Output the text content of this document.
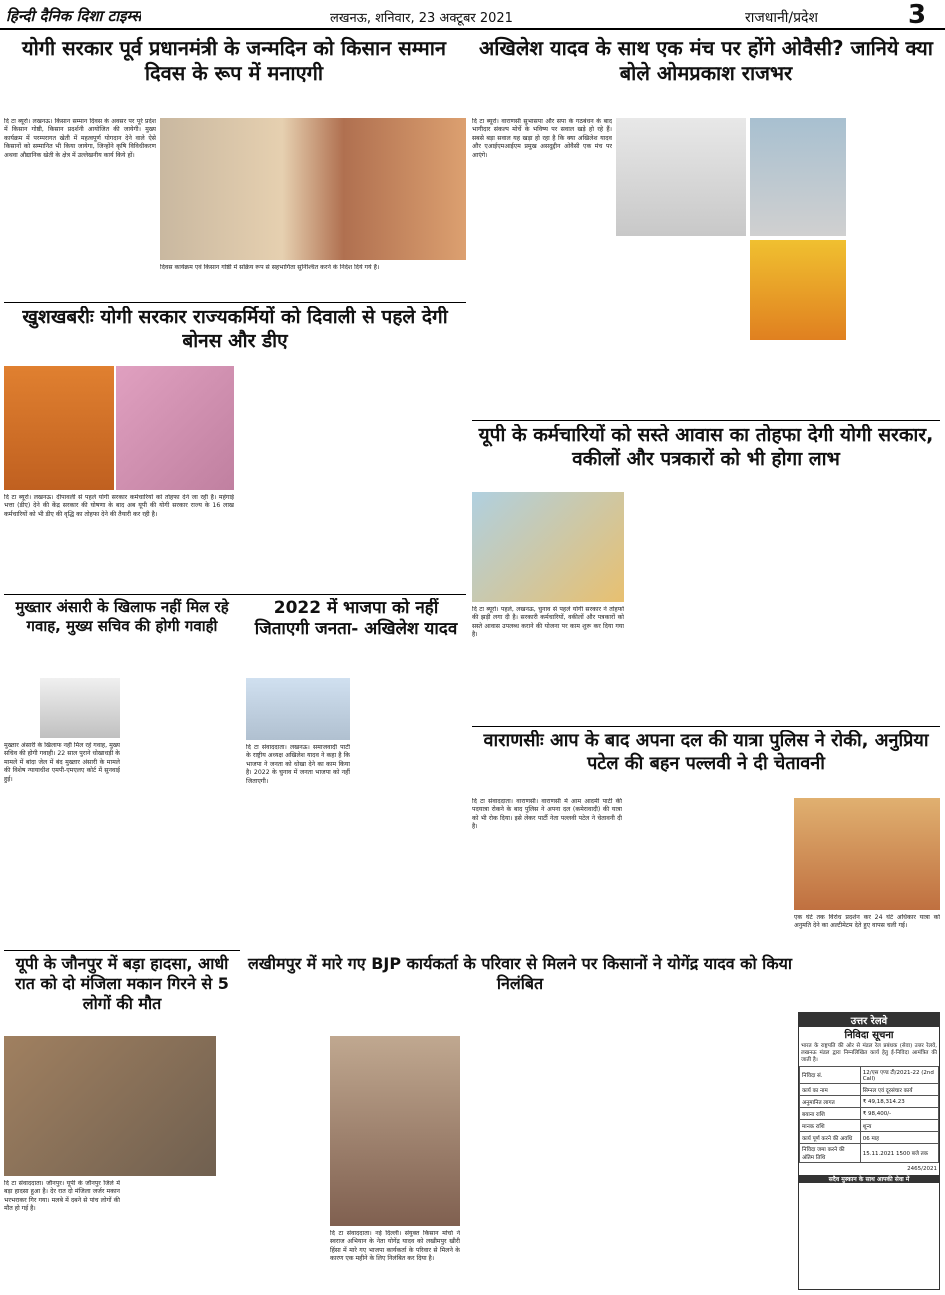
हिन्दी दैनिक दिशा टाइम्स	लखनऊ, शनिवार, 23 अक्टूबर 2021	राजधानी/प्रदेश	3
योगी सरकार पूर्व प्रधानमंत्री के जन्मदिन को किसान सम्मान दिवस के रूप में मनाएगी
दि टा ब्यूरो। लखनऊ। किसान सम्मान दिवस के अवसर पर पूरे प्रदेश में किसान गोष्ठी, किसान प्रदर्शनी आयोजित की जायेगी। मुख्य कार्यक्रम में परम्परागत खेती में महत्वपूर्ण योगदान देने वाले ऐसे किसानों को सम्मानित भी किया जायेगा, जिन्होंने कृषि विविधीकरण अथवा औद्यानिक खेती के क्षेत्र में उल्लेखनीय कार्य किये हों।
दिवस कार्यक्रम एवं किसान गोष्ठी में सक्रिय रूप से सहभागिता सुनिश्चित करने के निर्देश दिये गये हैं।
अखिलेश यादव के साथ एक मंच पर होंगे ओवैसी? जानिये क्या बोले ओमप्रकाश राजभर
दि टा ब्यूरो। वाराणसी सुभासपा और सपा के गठबंधन के बाद भागीदार संकल्प मोर्चे के भविष्य पर सवाल खड़े हो रहे हैं। सबसे बड़ा सवाल यह खड़ा हो रहा है कि क्या अखिलेश यादव और एआईएमआईएम प्रमुख असदुद्दीन ओवैसी एक मंच पर आएंगे।
खुशखबरीः योगी सरकार राज्यकर्मियों को दिवाली से पहले देगी बोनस और डीए
दि टा ब्यूरो। लखनऊ। दीपावली से पहले योगी सरकार कर्मचारियों को तोहफा देने जा रही है। महंगाई भत्ता (डीए) देने की केंद्र सरकार की घोषणा के बाद अब यूपी की योगी सरकार राज्य के 16 लाख कर्मचारियों को भी डीए की वृद्धि का तोहफा देने की तैयारी कर रही है।
यूपी के कर्मचारियों को सस्ते आवास का तोहफा देगी योगी सरकार, वकीलों और पत्रकारों को भी होगा लाभ
दि टा ब्यूरो। पहले, लखनऊ, चुनाव से पहले योगी सरकार ने तोहफों की झड़ी लगा दी है। सरकारी कर्मचारियों, वकीलों और पत्रकारों को सस्ते आवास उपलब्ध कराने की योजना पर काम शुरू कर दिया गया है।
मुख्तार अंसारी के खिलाफ नहीं मिल रहे गवाह, मुख्य सचिव की होगी गवाही
मुख्तार अंसारी के खिलाफ नहीं मिल रहे गवाह, मुख्य सचिव की होगी गवाही। 22 साल पुराने धोखाधड़ी के मामले में बांदा जेल में बंद मुख्तार अंसारी के मामले की विशेष न्यायाधीश एमपी-एमएलए कोर्ट में सुनवाई हुई।
2022 में भाजपा को नहीं जिताएगी जनता- अखिलेश यादव
दि टा संवाददाता। लखनऊ। समाजवादी पार्टी के राष्ट्रीय अध्यक्ष अखिलेश यादव ने कहा है कि भाजपा ने जनता को धोखा देने का काम किया है। 2022 के चुनाव में जनता भाजपा को नहीं जिताएगी।
वाराणसीः आप के बाद अपना दल की यात्रा पुलिस ने रोकी, अनुप्रिया पटेल की बहन पल्लवी ने दी चेतावनी
दि टा संवाददाता। वाराणसी। वाराणसी में आम आदमी पार्टी की पदयात्रा रोकने के बाद पुलिस ने अपना दल (कमेरावादी) की यात्रा को भी रोक दिया। इसे लेकर पार्टी नेता पल्लवी पटेल ने चेतावनी दी है।
एक घंटे तक विरोध प्रदर्शन कर 24 घंटे अधिकार यात्रा को अनुमति देने का अल्टीमेटम देते हुए वापस चली गई।
यूपी के जौनपुर में बड़ा हादसा, आधी रात को दो मंजिला मकान गिरने से 5 लोगों की मौत
दि टा संवाददाता। जौनपुर। यूपी के जौनपुर जिले में बड़ा हादसा हुआ है। देर रात दो मंजिला जर्जर मकान भरभराकर गिर गया। मलबे में दबने से पांच लोगों की मौत हो गई है।
लखीमपुर में मारे गए BJP कार्यकर्ता के परिवार से मिलने पर किसानों ने योगेंद्र यादव को किया निलंबित
दि टा संवाददाता। नई दिल्ली। संयुक्त किसान मोर्चा ने स्वराज अभियान के नेता योगेंद्र यादव को लखीमपुर खीरी हिंसा में मारे गए भाजपा कार्यकर्ता के परिवार से मिलने के कारण एक महीने के लिए निलंबित कर दिया है।
उत्तर रेलवे
निविदा सूचना
भारत के राष्ट्रपति की ओर से मंडल रेल प्रबंधक (सेवा) उत्तर रेलवे, लखनऊ मंडल द्वारा निम्नलिखित कार्य हेतु ई-निविदा आमंत्रित की जाती है।
निविदा सं.	12/एस एण्ड टी/2021-22 (2nd Call)
कार्य का नाम	सिग्नल एवं दूरसंचार कार्य
अनुमानित लागत	₹ 49,18,314.23
बयाना राशि	₹ 98,400/-
मानक राशि	शून्य
कार्य पूर्ण करने की अवधि	06 माह
निविदा जमा करने की अंतिम तिथि	15.11.2021 1500 बजे तक
2465/2021
सदैव मुस्कान के साथ आपकी सेवा में
